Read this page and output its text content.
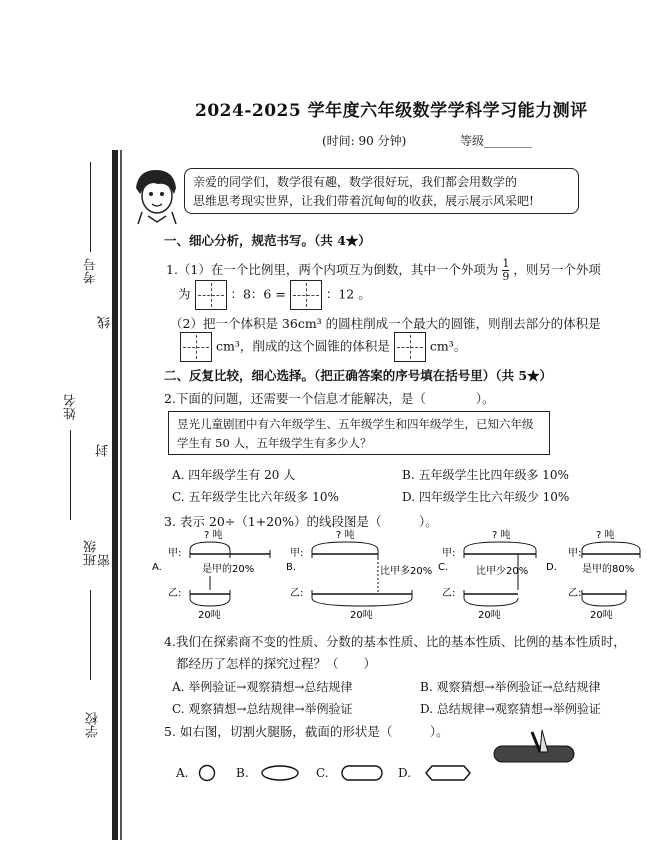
考号
线
姓名
封
班级 密
学校
2024-2025 学年度六年级数学学科学习能力测评
(时间: 90 分钟)	等级________
亲爱的同学们，数学很有趣，数学很好玩，我们都会用数学的
思维思考现实世界，让我们带着沉甸甸的收获，展示展示风采吧!
一、细心分析，规范书写。（共 4★）
1.（1）在一个比例里，两个内项互为倒数，其中一个外项为 $\frac{1}{9}$ ，则另一个外项
为	：8：6 =	：12 。
（2）把一个体积是 36cm³ 的圆柱削成一个最大的圆锥，则削去部分的体积是
cm³，削成的这个圆锥的体积是	cm³。
二、反复比较，细心选择。（把正确答案的序号填在括号里）（共 5★）
2.下面的问题，还需要一个信息才能解决，是（　　　　）。
昱光儿童剧团中有六年级学生、五年级学生和四年级学生，已知六年级
学生有 50 人，五年级学生有多少人？
A. 四年级学生有 20 人	B. 五年级学生比四年级多 10%
C. 五年级学生比六年级多 10%	D. 四年级学生比六年级少 10%
3. 表示 20÷（1+20%）的线段图是（　　　）。
甲:
A.
? 吨
是甲的20%
乙:
20吨
甲:
B.
? 吨
比甲多20%
乙:
20吨
甲:
C.
? 吨
比甲少20%
乙:
20吨
甲:
D.
? 吨
是甲的80%
乙:
20吨
4.我们在探索商不变的性质、分数的基本性质、比的基本性质、比例的基本性质时，
都经历了怎样的探究过程？（　　）
A. 举例验证→观察猜想→总结规律	B. 观察猜想→举例验证→总结规律
C. 观察猜想→总结规律→举例验证	D. 总结规律→观察猜想→举例验证
5. 如右图，切割火腿肠，截面的形状是（　　　）。
A.	B.	C.	D.
